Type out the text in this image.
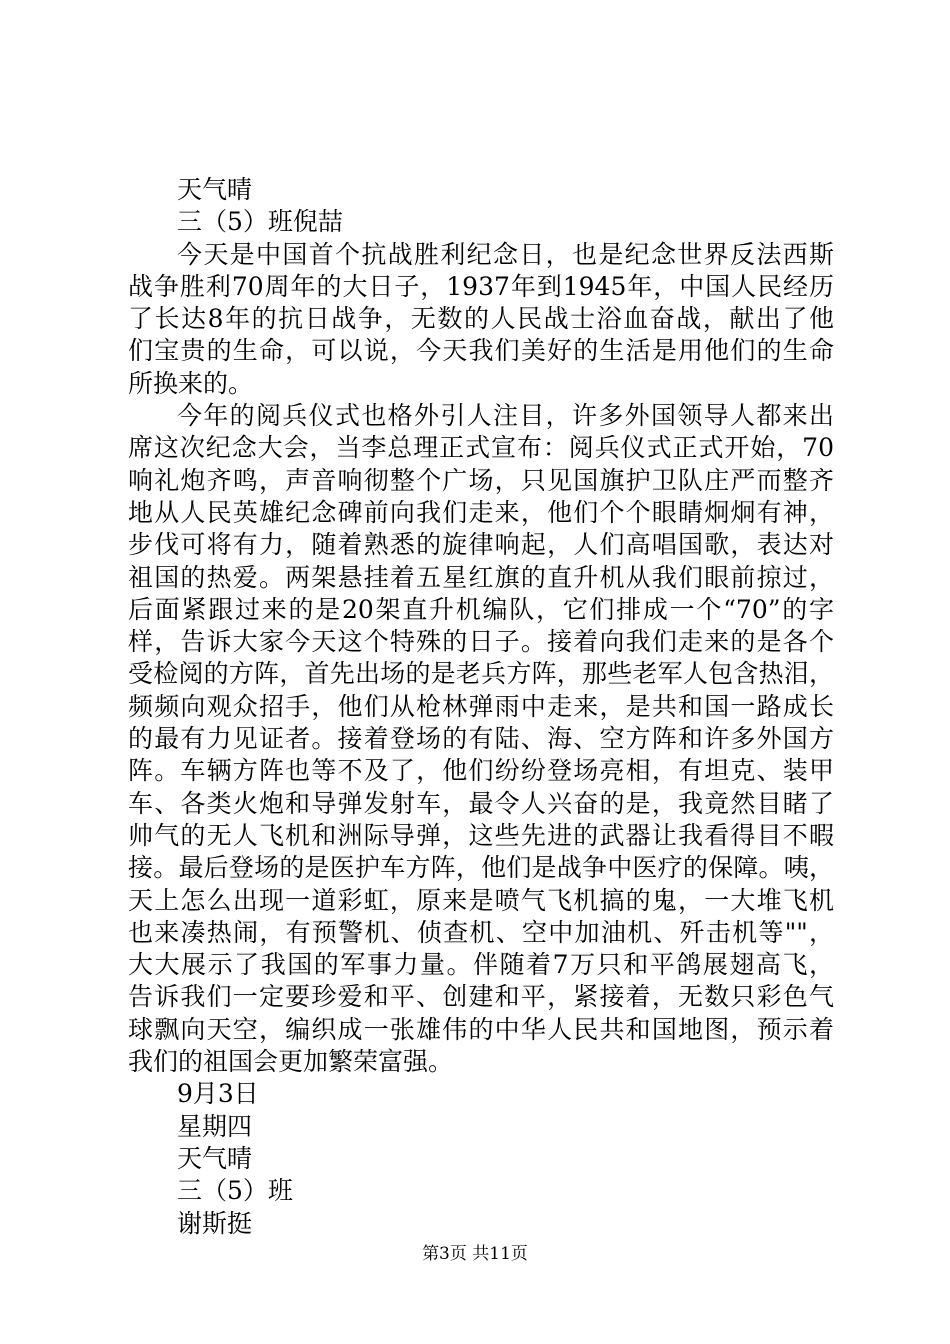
天气晴

三（5）班倪喆

今天是中国首个抗战胜利纪念日，也是纪念世界反法西斯

战争胜利70周年的大日子，1937年到1945年，中国人民经历

了长达8年的抗日战争，无数的人民战士浴血奋战，献出了他

们宝贵的生命，可以说，今天我们美好的生活是用他们的生命

所换来的。

今年的阅兵仪式也格外引人注目，许多外国领导人都来出

席这次纪念大会，当李总理正式宣布：阅兵仪式正式开始，70

响礼炮齐鸣，声音响彻整个广场，只见国旗护卫队庄严而整齐

地从人民英雄纪念碑前向我们走来，他们个个眼睛炯炯有神，

步伐可将有力，随着熟悉的旋律响起，人们高唱国歌，表达对

祖国的热爱。两架悬挂着五星红旗的直升机从我们眼前掠过，

后面紧跟过来的是20架直升机编队，它们排成一个“70”的字

样，告诉大家今天这个特殊的日子。接着向我们走来的是各个

受检阅的方阵，首先出场的是老兵方阵，那些老军人包含热泪，

频频向观众招手，他们从枪林弹雨中走来，是共和国一路成长

的最有力见证者。接着登场的有陆、海、空方阵和许多外国方

阵。车辆方阵也等不及了，他们纷纷登场亮相，有坦克、装甲

车、各类火炮和导弹发射车，最令人兴奋的是，我竟然目睹了

帅气的无人飞机和洲际导弹，这些先进的武器让我看得目不暇

接。最后登场的是医护车方阵，他们是战争中医疗的保障。咦，

天上怎么出现一道彩虹，原来是喷气飞机搞的鬼，一大堆飞机

也来凑热闹，有预警机、侦查机、空中加油机、歼击机等""，

大大展示了我国的军事力量。伴随着7万只和平鸽展翅高飞，

告诉我们一定要珍爱和平、创建和平，紧接着，无数只彩色气

球飘向天空，编织成一张雄伟的中华人民共和国地图，预示着

我们的祖国会更加繁荣富强。

9月3日

星期四

天气晴

三（5）班

谢斯挺

第3页 共11页
